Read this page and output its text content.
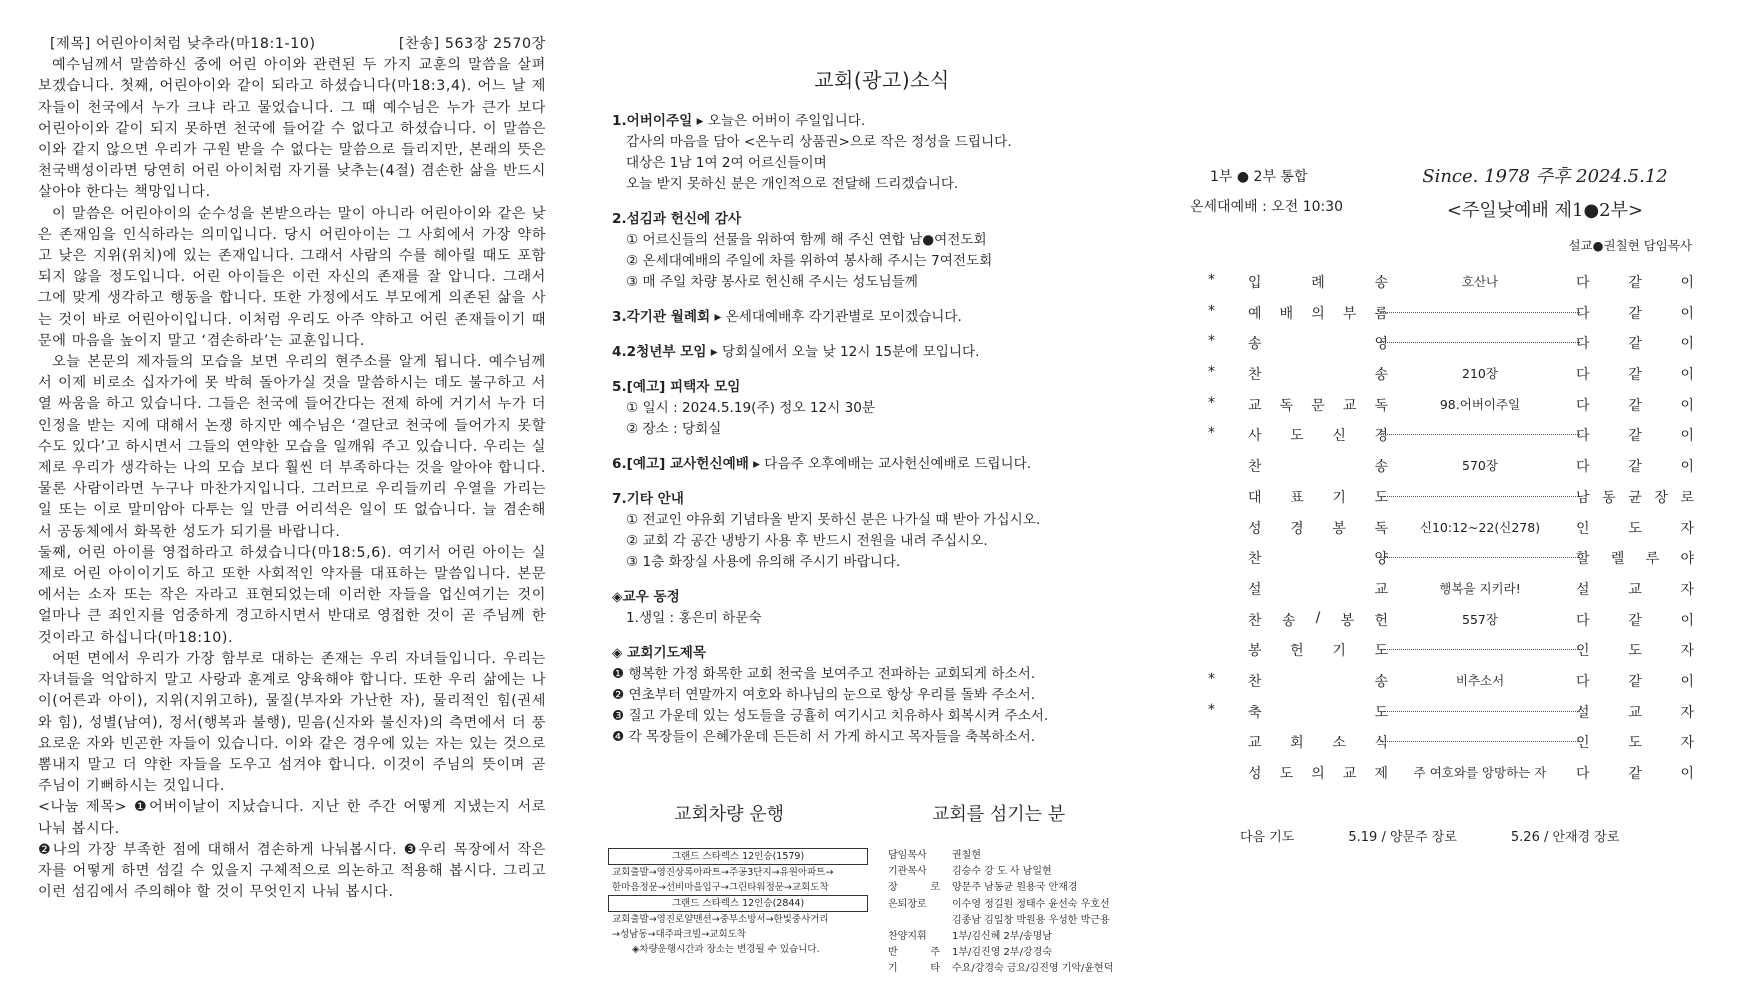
[제목] 어린아이처럼 낮추라(마18:1-10)	[찬송] 563장 2570장

예수님께서 말씀하신 중에 어린 아이와 관련된 두 가지 교훈의 말씀을 살펴보겠습니다. 첫째, 어린아이와 같이 되라고 하셨습니다(마18:3,4). 어느 날 제자들이 천국에서 누가 크냐 라고 물었습니다. 그 때 예수님은 누가 큰가 보다 어린아이와 같이 되지 못하면 천국에 들어갈 수 없다고 하셨습니다. 이 말씀은 이와 같지 않으면 우리가 구원 받을 수 없다는 말씀으로 들리지만, 본래의 뜻은 천국백성이라면 당연히 어린 아이처럼 자기를 낮추는(4절) 겸손한 삶을 반드시 살아야 한다는 책망입니다.

이 말씀은 어린아이의 순수성을 본받으라는 말이 아니라 어린아이와 같은 낮은 존재임을 인식하라는 의미입니다. 당시 어린아이는 그 사회에서 가장 약하고 낮은 지위(위치)에 있는 존재입니다. 그래서 사람의 수를 헤아릴 때도 포함되지 않을 정도입니다. 어린 아이들은 이런 자신의 존재를 잘 압니다. 그래서 그에 맞게 생각하고 행동을 합니다. 또한 가정에서도 부모에게 의존된 삶을 사는 것이 바로 어린아이입니다. 이처럼 우리도 아주 약하고 어린 존재들이기 때문에 마음을 높이지 말고 ‘겸손하라’는 교훈입니다.

오늘 본문의 제자들의 모습을 보면 우리의 현주소를 알게 됩니다. 예수님께서 이제 비로소 십자가에 못 박혀 돌아가실 것을 말씀하시는 데도 불구하고 서열 싸움을 하고 있습니다. 그들은 천국에 들어간다는 전제 하에 거기서 누가 더 인정을 받는 지에 대해서 논쟁 하지만 예수님은 ‘결단코 천국에 들어가지 못할 수도 있다’고 하시면서 그들의 연약한 모습을 일깨워 주고 있습니다. 우리는 실제로 우리가 생각하는 나의 모습 보다 훨씬 더 부족하다는 것을 알아야 합니다. 물론 사람이라면 누구나 마찬가지입니다. 그러므로 우리들끼리 우열을 가리는 일 또는 이로 말미암아 다투는 일 만큼 어리석은 일이 또 없습니다. 늘 겸손해서 공동체에서 화목한 성도가 되기를 바랍니다.

둘째, 어린 아이를 영접하라고 하셨습니다(마18:5,6). 여기서 어린 아이는 실제로 어린 아이이기도 하고 또한 사회적인 약자를 대표하는 말씀입니다. 본문에서는 소자 또는 작은 자라고 표현되었는데 이러한 자들을 업신여기는 것이 얼마나 큰 죄인지를 엄중하게 경고하시면서 반대로 영접한 것이 곧 주님께 한 것이라고 하십니다(마18:10).

어떤 면에서 우리가 가장 함부로 대하는 존재는 우리 자녀들입니다. 우리는 자녀들을 억압하지 말고 사랑과 훈계로 양육해야 합니다. 또한 우리 삶에는 나이(어른과 아이), 지위(지위고하), 물질(부자와 가난한 자), 물리적인 힘(권세와 힘), 성별(남여), 정서(행복과 불행), 믿음(신자와 불신자)의 측면에서 더 풍요로운 자와 빈곤한 자들이 있습니다. 이와 같은 경우에 있는 자는 있는 것으로 뽐내지 말고 더 약한 자들을 도우고 섬겨야 합니다. 이것이 주님의 뜻이며 곧 주님이 기뻐하시는 것입니다.

<나눔 제목> ❶어버이날이 지났습니다. 지난 한 주간 어떻게 지냈는지 서로 나눠 봅시다.

❷나의 가장 부족한 점에 대해서 겸손하게 나눠봅시다. ❸우리 목장에서 작은 자를 어떻게 하면 섬길 수 있을지 구체적으로 의논하고 적용해 봅시다. 그리고 이런 섬김에서 주의해야 할 것이 무엇인지 나눠 봅시다.

교회(광고)소식
1.어버이주일 ▸ 오늘은 어버이 주일입니다.
감사의 마음을 담아 <온누리 상품권>으로 작은 정성을 드립니다.
대상은 1남 1여 2여 어르신들이며
오늘 받지 못하신 분은 개인적으로 전달해 드리겠습니다.
2.섬김과 헌신에 감사
① 어르신들의 선물을 위하여 함께 해 주신 연합 남●여전도회
② 온세대예배의 주일에 차를 위하여 봉사해 주시는 7여전도회
③ 매 주일 차량 봉사로 헌신해 주시는 성도님들께
3.각기관 월례회 ▸ 온세대예배후 각기관별로 모이겠습니다.
4.2청년부 모임 ▸ 당회실에서 오늘 낮 12시 15분에 모입니다.
5.[예고] 피택자 모임
① 일시 : 2024.5.19(주) 정오 12시 30분
② 장소 : 당회실
6.[예고] 교사헌신예배 ▸ 다음주 오후예배는 교사헌신예배로 드립니다.
7.기타 안내
① 전교인 야유회 기념타올 받지 못하신 분은 나가실 때 받아 가십시오.
② 교회 각 공간 냉방기 사용 후 반드시 전원을 내려 주십시오.
③ 1층 화장실 사용에 유의해 주시기 바랍니다.
◈교우 동정
1.생일 : 홍은미 하문숙
◈ 교회기도제목
❶ 행복한 가정 화목한 교회 천국을 보여주고 전파하는 교회되게 하소서.
❷ 연초부터 연말까지 여호와 하나님의 눈으로 항상 우리를 돌봐 주소서.
❸ 질고 가운데 있는 성도들을 긍휼히 여기시고 치유하사 회복시켜 주소서.
❹ 각 목장들이 은혜가운데 든든히 서 가게 하시고 목자들을 축복하소서.
교회차량 운행	교회를 섬기는 분
그랜드 스타렉스 12인승(1579)
교회출발→영진상록아파트→주공3단지→유원아파트→
한마음정문→선비마을입구→그린타워정문→교회도착
그랜드 스타렉스 12인승(2844)
교회출발→영진로얄맨션→중부소방서→한빛중사거리
→성남동→대주파크빌→교회도착
◈차량운행시간과 장소는 변경될 수 있습니다.
담임목사	권칠현
기관목사	김승수 강 도 사 남일현
장 로 양문주 남동균 원용국 안재경
은퇴장로	이수영 정길원 정태수 윤선숙 우호선
김종남 김일창 박원용 우성한 박근용
찬양지휘	1부/김신혜 2부/송명남
반 주 1부/김진영 2부/강경숙
기 타 수요/강경숙 금요/김진영 기악/윤현덕
1부 ● 2부 통합
온세대예배 : 오전 10:30
Since. 1978 주후 2024.5.12
<주일낮예배 제1●2부>
설교●권칠현 담임목사
* 입	례	송	호산나	다	같	이
* 예 배 의 부 름	다	같	이
* 송	영	다	같	이
* 찬	송	210장	다	같	이
* 교 독 문 교 독	98.어버이주일	다	같	이
* 사 도 신 경	다	같	이
찬	송	570장	다	같	이
대 표 기 도	남 동 균 장 로
성 경 봉 독	신10:12~22(신278)	인	도	자
찬	양	할 렐 루 야
설	교	행복을 지키라!	설	교	자
찬 송 / 봉 헌	557장	다	같	이
봉 헌 기 도	인	도	자
* 찬	송	비추소서	다	같	이
* 축	도	설	교	자
교 회 소 식	인	도	자
성 도 의 교 제	주 여호와를 앙망하는 자	다	같	이
다음 기도	5.19 / 양문주 장로	5.26 / 안재경 장로
